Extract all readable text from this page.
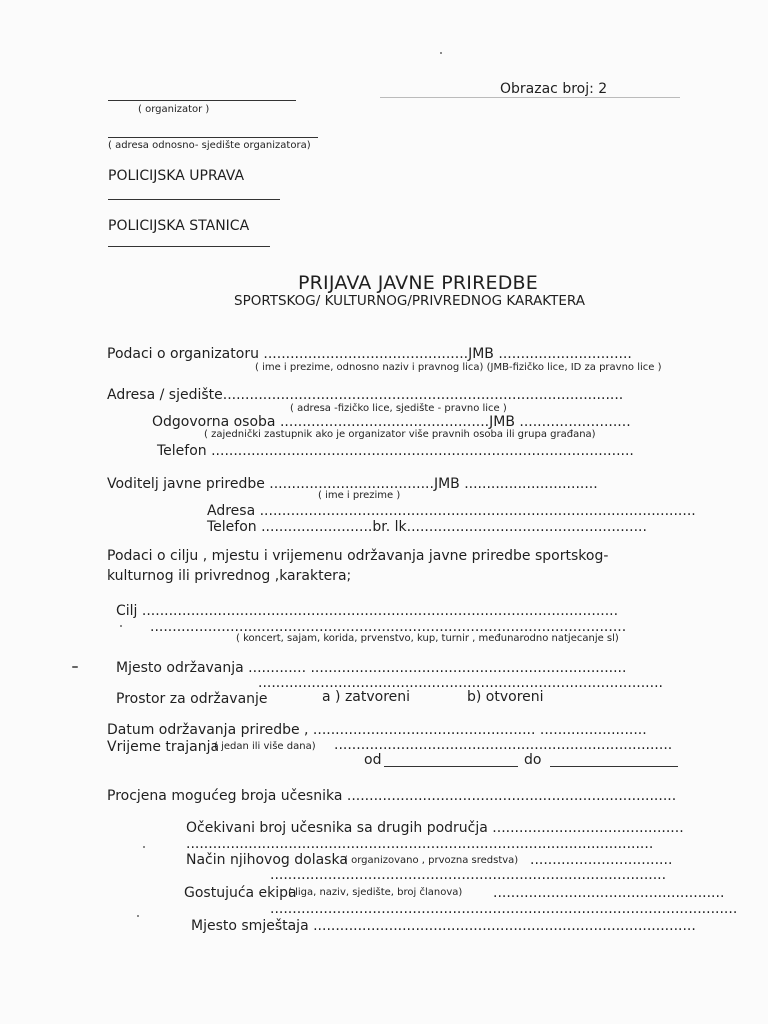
Obrazac broj: 2
( organizator )
( adresa odnosno- sjedište organizatora)
POLICIJSKA UPRAVA
POLICIJSKA STANICA
PRIJAVA JAVNE PRIREDBE
SPORTSKOG/ KULTURNOG/PRIVREDNOG KARAKTERA
Podaci o organizatoru ..............................................JMB ..............................
( ime i prezime, odnosno naziv i pravnog lica) (JMB-fizičko lice, ID za pravno lice )
Adresa / sjedište..........................................................................................
( adresa -fizičko lice, sjedište - pravno lice )
Odgovorna osoba ...............................................JMB .........................
( zajednički zastupnik ako je organizator više pravnih osoba ili grupa građana)
Telefon ...............................................................................................
Voditelj javne priredbe .....................................JMB ..............................
( ime i prezime )
Adresa ..................................................................................................
Telefon .........................br. lk......................................................
Podaci o cilju , mjestu i vrijemenu održavanja javne priredbe sportskog-
kulturnog ili privrednog ,karaktera;
Cilj ...........................................................................................................
...........................................................................................................
( koncert, sajam, korida, prvenstvo, kup, turnir , međunarodno natjecanje sl)
Mjesto održavanja ............. .......................................................................
...........................................................................................
Prostor za održavanje	a ) zatvoreni	b) otvoreni
Datum održavanja priredbe , .................................................. ........................
Vrijeme trajanja
( jedan ili više dana) ............................................................................
od	do
Procjena mogućeg broja učesnika ..........................................................................
Očekivani broj učesnika sa drugih područja ...........................................
.........................................................................................................
Način njihovog dolaska
( organizovano , prvozna sredstva) ................................
.........................................................................................
Gostujuća ekipa
( liga, naziv, sjedište, broj članova) ....................................................
.........................................................................................................
Mjesto smještaja ......................................................................................
